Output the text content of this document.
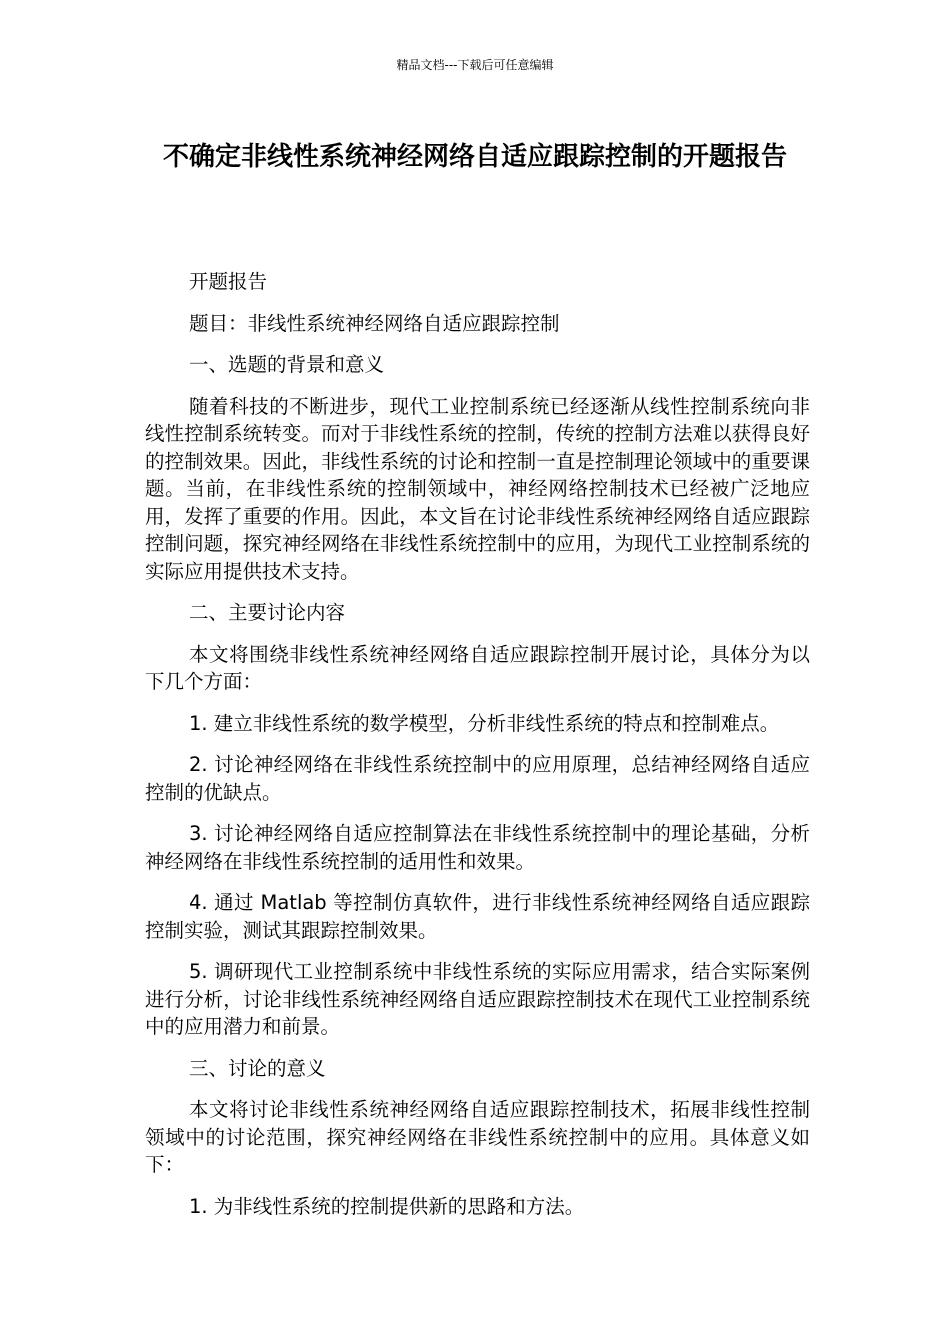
精品文档---下载后可任意编辑
不确定非线性系统神经网络自适应跟踪控制的开题报告

开题报告

题目：非线性系统神经网络自适应跟踪控制

一、选题的背景和意义

随着科技的不断进步，现代工业控制系统已经逐渐从线性控制系统向非线性控制系统转变。而对于非线性系统的控制，传统的控制方法难以获得良好的控制效果。因此，非线性系统的讨论和控制一直是控制理论领域中的重要课题。当前，在非线性系统的控制领域中，神经网络控制技术已经被广泛地应用，发挥了重要的作用。因此，本文旨在讨论非线性系统神经网络自适应跟踪控制问题，探究神经网络在非线性系统控制中的应用，为现代工业控制系统的实际应用提供技术支持。

二、主要讨论内容

本文将围绕非线性系统神经网络自适应跟踪控制开展讨论，具体分为以下几个方面：

1. 建立非线性系统的数学模型，分析非线性系统的特点和控制难点。

2. 讨论神经网络在非线性系统控制中的应用原理，总结神经网络自适应控制的优缺点。

3. 讨论神经网络自适应控制算法在非线性系统控制中的理论基础，分析神经网络在非线性系统控制的适用性和效果。

4. 通过 Matlab 等控制仿真软件，进行非线性系统神经网络自适应跟踪控制实验，测试其跟踪控制效果。

5. 调研现代工业控制系统中非线性系统的实际应用需求，结合实际案例进行分析，讨论非线性系统神经网络自适应跟踪控制技术在现代工业控制系统中的应用潜力和前景。

三、讨论的意义

本文将讨论非线性系统神经网络自适应跟踪控制技术，拓展非线性控制领域中的讨论范围，探究神经网络在非线性系统控制中的应用。具体意义如下：

1. 为非线性系统的控制提供新的思路和方法。
